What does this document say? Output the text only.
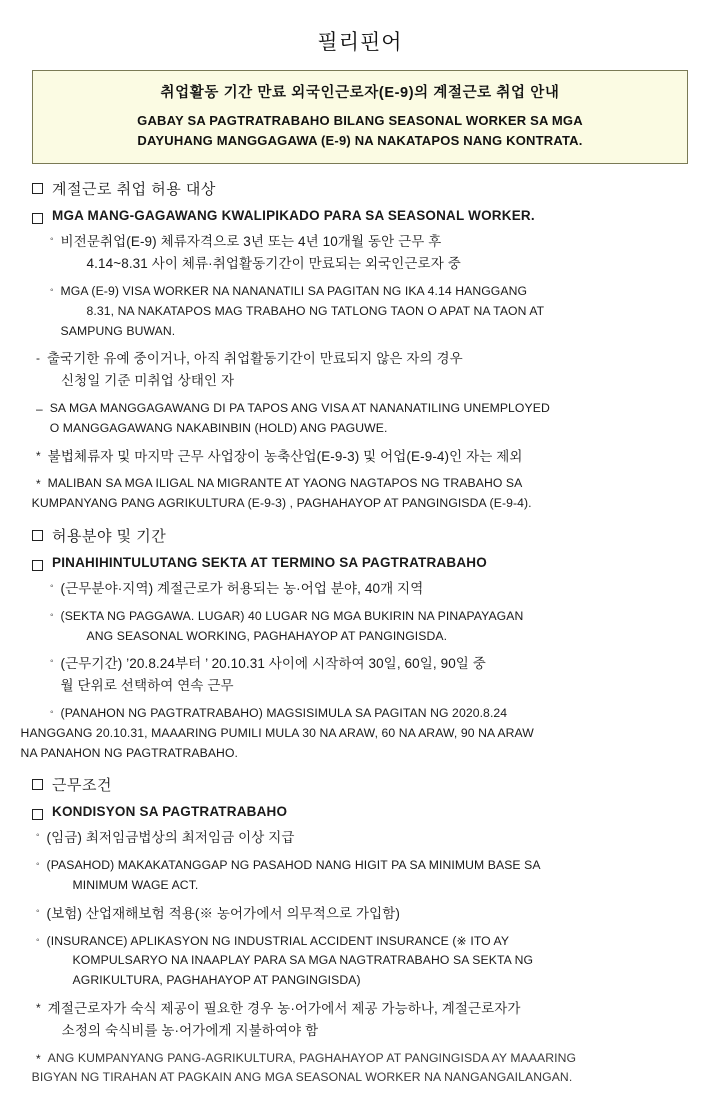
필리핀어
취업활동 기간 만료 외국인근로자(E-9)의 계절근로 취업 안내
GABAY SA PAGTRATRABAHO BILANG SEASONAL WORKER SA MGA
DAYUHANG MANGGAGAWA (E-9) NA NAKATAPOS NANG KONTRATA.
계절근로 취업 허용 대상
MGA MANG-GAGAWANG KWALIPIKADO PARA SA SEASONAL WORKER.
◦ 비전문취업(E-9) 체류자격으로 3년 또는 4년 10개월 동안 근무 후
4.14~8.31 사이 체류·취업활동기간이 만료되는 외국인근로자 중
◦ MGA (E-9) VISA WORKER NA NANANATILI SA PAGITAN NG IKA 4.14 HANGGANG
8.31, NA NAKATAPOS MAG TRABAHO NG TATLONG TAON O APAT NA TAON AT
SAMPUNG BUWAN.
- 출국기한 유예 중이거나, 아직 취업활동기간이 만료되지 않은 자의 경우
신청일 기준 미취업 상태인 자
– SA MGA MANGGAGAWANG DI PA TAPOS ANG VISA AT NANANATILING UNEMPLOYED
O MANGGAGAWANG NAKABINBIN (HOLD) ANG PAGUWE.
* 불법체류자 및 마지막 근무 사업장이 농축산업(E-9-3) 및 어업(E-9-4)인 자는 제외
* MALIBAN SA MGA ILIGAL NA MIGRANTE AT YAONG NAGTAPOS NG TRABAHO SA
KUMPANYANG PANG AGRIKULTURA (E-9-3) , PAGHAHAYOP AT PANGINGISDA (E-9-4).
허용분야 및 기간
PINAHIHINTULUTANG SEKTA AT TERMINO SA PAGTRATRABAHO
◦ (근무분야·지역) 계절근로가 허용되는 농·어업 분야, 40개 지역
◦ (SEKTA NG PAGGAWA. LUGAR) 40 LUGAR NG MGA BUKIRIN NA PINAPAYAGAN
ANG SEASONAL WORKING, PAGHAHAYOP AT PANGINGISDA.
◦ (근무기간) ’20.8.24부터 ’ 20.10.31 사이에 시작하여 30일, 60일, 90일 중
월 단위로 선택하여 연속 근무
◦ (PANAHON NG PAGTRATRABAHO) MAGSISIMULA SA PAGITAN NG 2020.8.24
HANGGANG 20.10.31, MAAARING PUMILI MULA 30 NA ARAW, 60 NA ARAW, 90 NA ARAW
NA PANAHON NG PAGTRATRABAHO.
근무조건
KONDISYON SA PAGTRATRABAHO
◦ (임금) 최저임금법상의 최저임금 이상 지급
◦ (PASAHOD) MAKAKATANGGAP NG PASAHOD NANG HIGIT PA SA MINIMUM BASE SA
MINIMUM WAGE ACT.
◦ (보험) 산업재해보험 적용(※ 농어가에서 의무적으로 가입함)
◦ (INSURANCE) APLIKASYON NG INDUSTRIAL ACCIDENT INSURANCE (※ ITO AY
KOMPULSARYO NA INAAPLAY PARA SA MGA NAGTRATRABAHO SA SEKTA NG
AGRIKULTURA, PAGHAHAYOP AT PANGINGISDA)
* 계절근로자가 숙식 제공이 필요한 경우 농·어가에서 제공 가능하나, 계절근로자가
소정의 숙식비를 농·어가에게 지불하여야 함
* ANG KUMPANYANG PANG-AGRIKULTURA, PAGHAHAYOP AT PANGINGISDA AY MAAARING
BIGYAN NG TIRAHAN AT PAGKAIN ANG MGA SEASONAL WORKER NA NANGANGAILANGAN.
